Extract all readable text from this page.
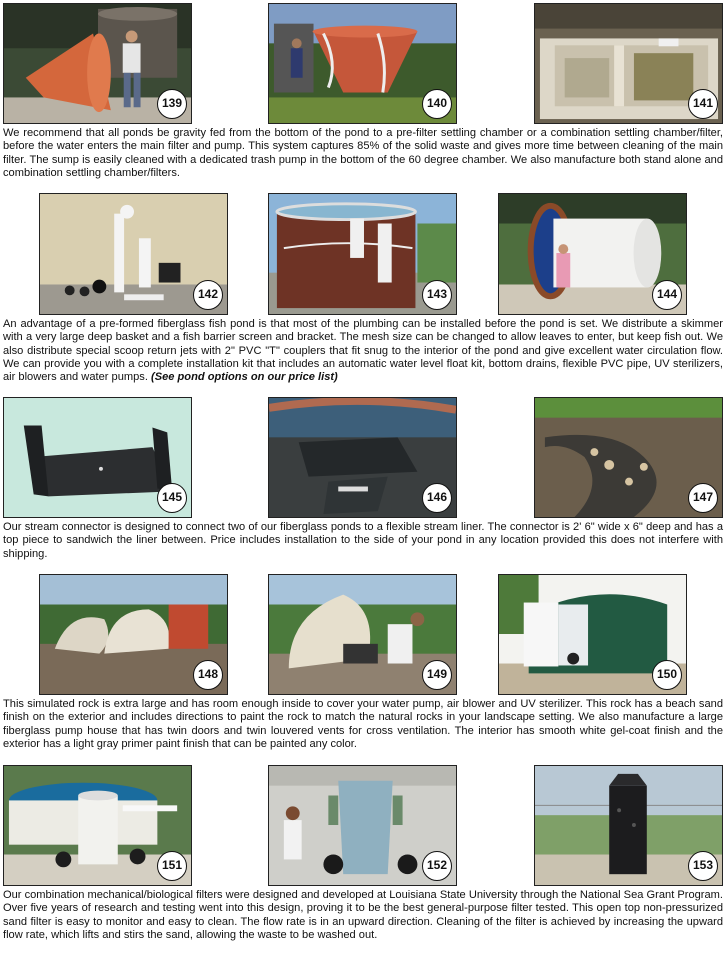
139	140	141
We recommend that all ponds be gravity fed from the bottom of the pond to a pre-filter settling chamber or a combination settling chamber/filter, before the water enters the main filter and pump. This system captures 85% of the solid waste and gives more time between cleaning of the main filter. The sump is easily cleaned with a dedicated trash pump in the bottom of the 60 degree chamber. We also manufacture both stand alone and combination settling chamber/filters.
142	143	144
An advantage of a pre-formed fiberglass fish pond is that most of the plumbing can be installed before the pond is set. We distribute a skimmer with a very large deep basket and a fish barrier screen and bracket. The mesh size can be changed to allow leaves to enter, but keep fish out. We also distribute special scoop return jets with 2" PVC "T" couplers that fit snug to the interior of the pond and give excellent water circulation flow. We can provide you with a complete installation kit that includes an automatic water level float kit, bottom drains, flexible PVC pipe, UV sterilizers, air blowers and water pumps. (See pond options on our price list)
145	146	147
Our stream connector is designed to connect two of our fiberglass ponds to a flexible stream liner. The connector is 2' 6" wide x 6" deep and has a top piece to sandwich the liner between. Price includes installation to the side of your pond in any location provided this does not interfere with shipping.
148	149	150
This simulated rock is extra large and has room enough inside to cover your water pump, air blower and UV sterilizer. This rock has a beach sand finish on the exterior and includes directions to paint the rock to match the natural rocks in your landscape setting. We also manufacture a large fiberglass pump house that has twin doors and twin louvered vents for cross ventilation. The interior has smooth white gel-coat finish and the exterior has a light gray primer paint finish that can be painted any color.
151	152	153
Our combination mechanical/biological filters were designed and developed at Louisiana State University through the National Sea Grant Program. Over five years of research and testing went into this design, proving it to be the best general-purpose filter tested. This open top non-pressurized sand filter is easy to monitor and easy to clean. The flow rate is in an upward direction. Cleaning of the filter is achieved by increasing the upward flow rate, which lifts and stirs the sand, allowing the waste to be washed out.
